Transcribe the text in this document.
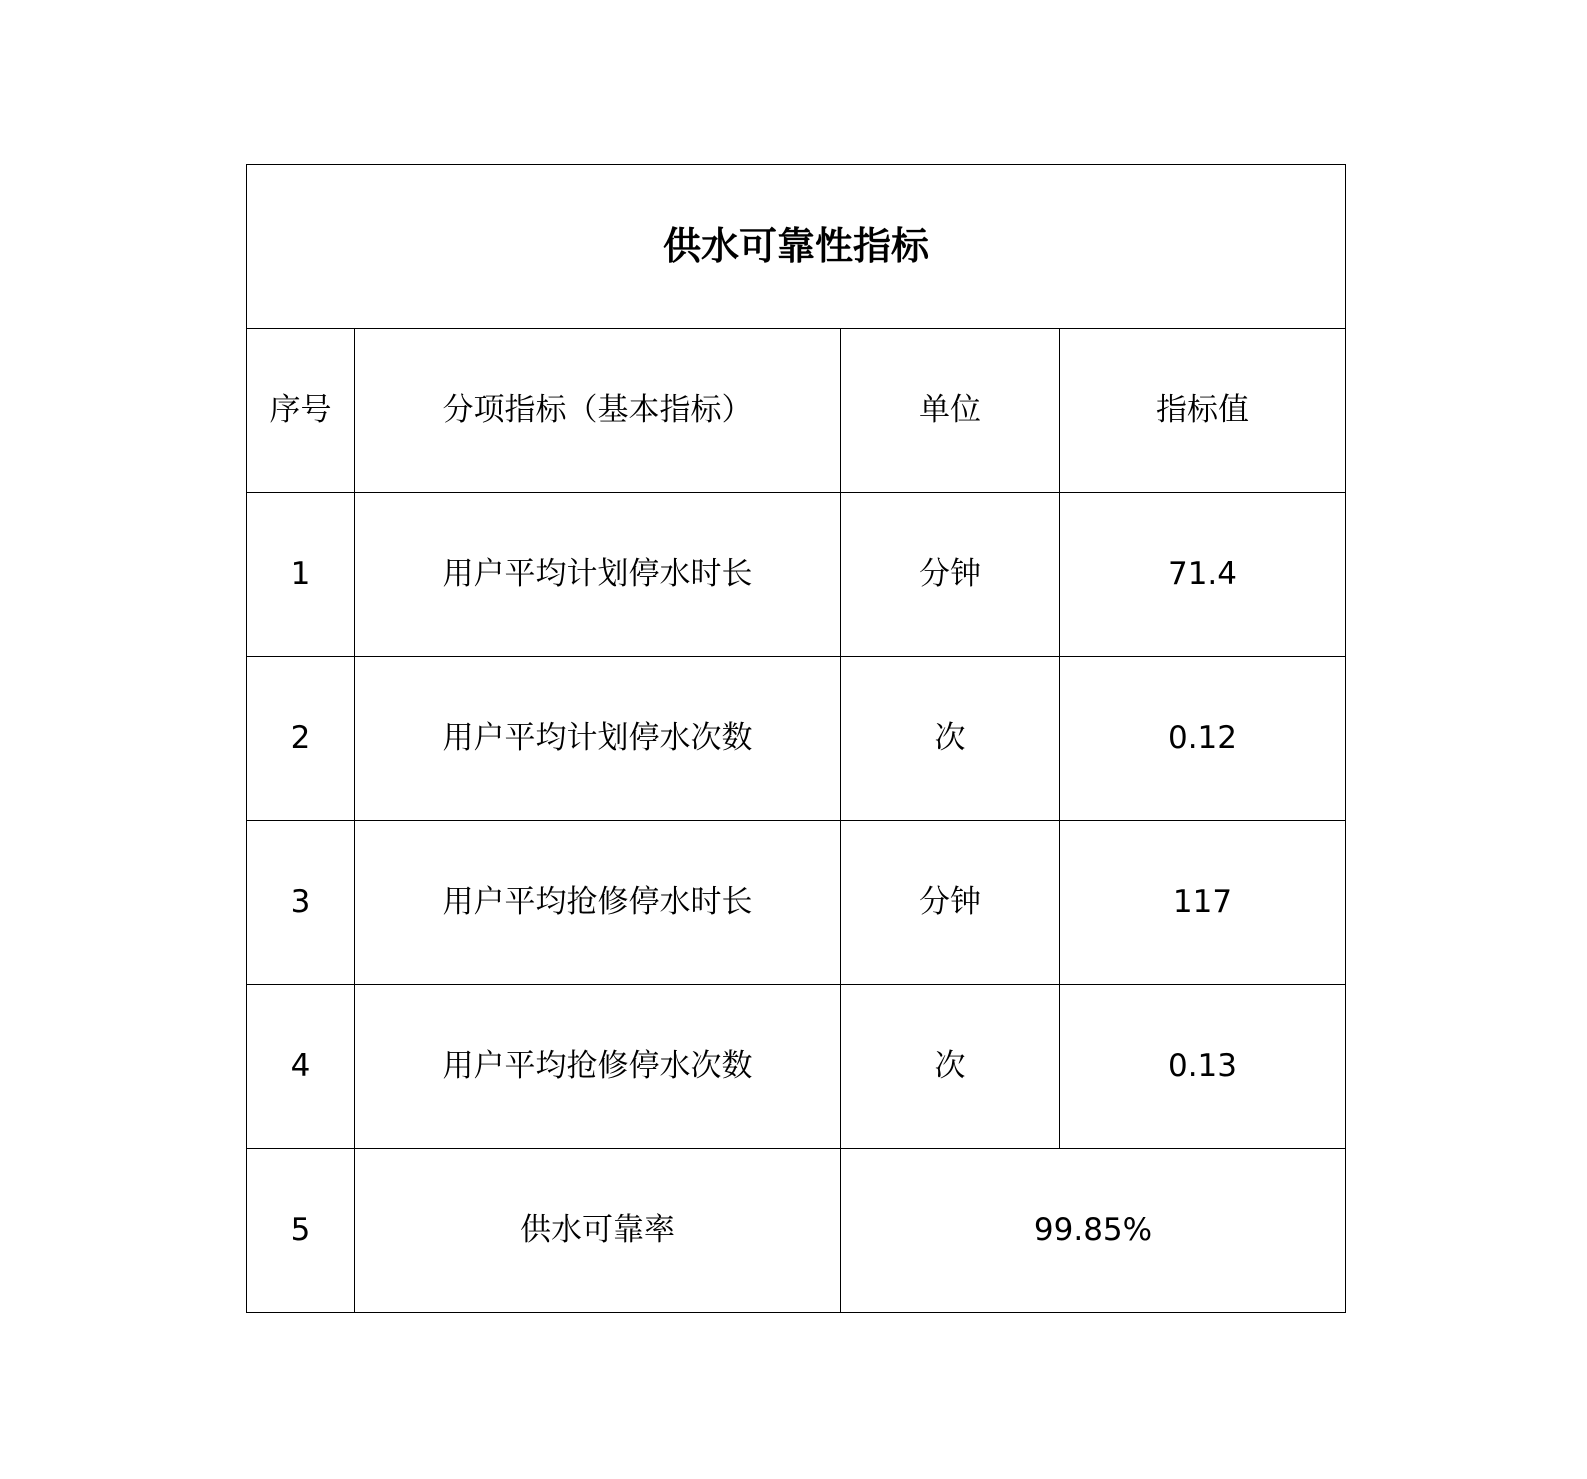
供水可靠性指标			
序号	分项指标（基本指标）	单位	指标值
1	用户平均计划停水时长	分钟	71.4
2	用户平均计划停水次数	次	0.12
3	用户平均抢修停水时长	分钟	117
4	用户平均抢修停水次数	次	0.13
5	供水可靠率	99.85%	
